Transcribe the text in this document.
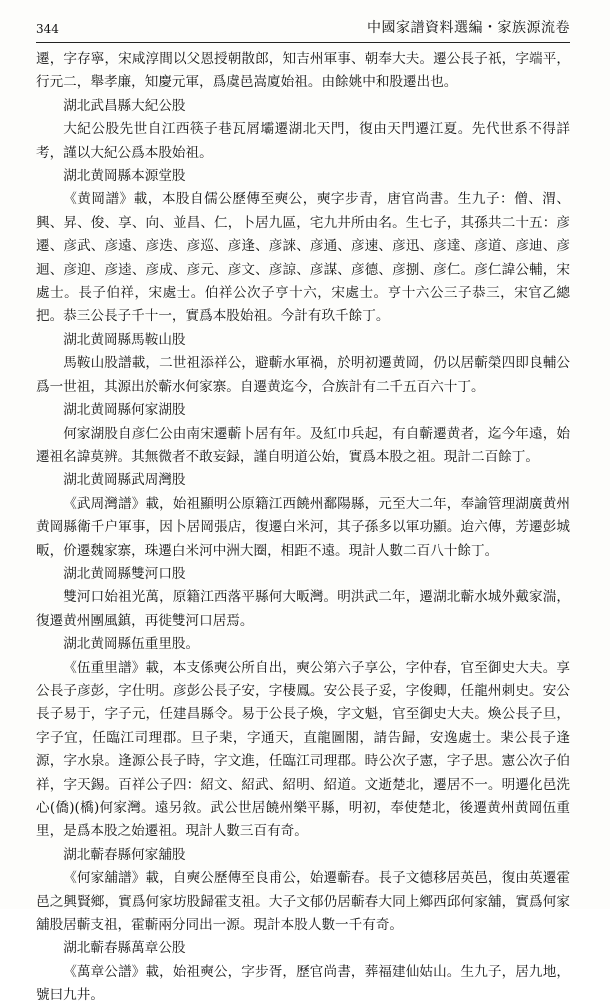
344	中國家譜資料選編・家族源流卷

遷，字存寧，宋咸淳間以父恩授朝散郎，知吉州軍事、朝奉大夫。遷公長子祇，字端平，行元二，舉孝廉，知慶元軍，爲虞邑嵩廈始祖。由餘姚中和股遷出也。

湖北武昌縣大紀公股

大紀公股先世自江西筷子巷瓦屑壩遷湖北天門，復由天門遷江夏。先代世系不得詳考，謹以大紀公爲本股始祖。

湖北黄岡縣本源堂股

《黄岡譜》載，本股自儒公歷傳至奭公，奭字步青，唐官尚書。生九子：僧、渭、興、昇、俊、享、向、並昌、仁，卜居九區，宅九井所由名。生七子，其孫共二十五：彦遷、彦武、彦遠、彦迭、彦巡、彦逢、彦誺、彦通、彦速、彦迅、彦達、彦道、彦迪、彦迴、彦迎、彦逵、彦成、彦元、彦文、彦諒、彦謀、彦德、彦捌、彦仁。彦仁諱公輔，宋處士。長子伯祥，宋處士。伯祥公次子亨十六，宋處士。亨十六公三子恭三，宋官乙總把。恭三公長子千十一，實爲本股始祖。今計有玖千餘丁。

湖北黄岡縣馬鞍山股

馬鞍山股譜載，二世祖添祥公，避蘄水軍禍，於明初遷黄岡，仍以居蘄榮四即良輔公爲一世祖，其源出於蘄水何家寨。自遷黄迄今，合族計有二千五百六十丁。

湖北黄岡縣何家湖股

何家湖股自彦仁公由南宋遷蘄卜居有年。及紅巾兵起，有自蘄遷黄者，迄今年遠，始遷祖名諱莫辨。其無微者不敢妄録，謹自明道公始，實爲本股之祖。現計二百餘丁。

湖北黄岡縣武周灣股

《武周灣譜》載，始祖顯明公原籍江西饒州鄱陽縣，元至大二年，奉諭管理湖廣黄州黄岡縣衛千户軍事，因卜居岡張店，復遷白米河，其子孫多以軍功顯。迨六傳，芳遷彭城畈，价遷魏家寨，珠遷白米河中洲大圈，相距不遠。現計人數二百八十餘丁。

湖北黄岡縣雙河口股

雙河口始祖光萬，原籍江西落平縣何大畈灣。明洪武二年，遷湖北蘄水城外戴家湍，復遷黄州團風鎮，再徙雙河口居焉。

湖北黄岡縣伍重里股。

《伍重里譜》載，本支係奭公所自出，奭公第六子享公，字仲春，官至御史大夫。享公長子彦彭，字仕明。彦彭公長子安，字棲鳳。安公長子妥，字俊卿，任龍州刺史。安公長子易于，字子元，任建昌縣令。易于公長子煥，字文魁，官至御史大夫。煥公長子旦，字子宜，任臨江司理郡。旦子棐，字通天，直龍圖閣，請告歸，安逸處士。棐公長子逢源，字水泉。逢源公長子時，字文進，任臨江司理郡。時公次子憲，字子思。憲公次子伯祥，字天錫。百祥公子四：紹文、紹武、紹明、紹道。文逝楚北，遷居不一。明遷化邑洗心(僑)(橋)何家灣。遠另敘。武公世居饒州樂平縣，明初，奉使楚北，後遷黄州黄岡伍重里，是爲本股之始遷祖。現計人數三百有奇。

湖北蘄春縣何家舖股

《何家舖譜》載，自奭公歷傳至良甫公，始遷蘄春。長子文德移居英邑，復由英遷霍邑之興賢鄉，實爲何家坊股歸霍支祖。大子文郁仍居蘄春大同上鄉西邱何家舖，實爲何家舖股居蘄支祖，霍蘄兩分同出一源。現計本股人數一千有奇。

湖北蘄春縣萬章公股

《萬章公譜》載，始祖奭公，字步胥，歷官尚書，葬福建仙姑山。生九子，居九地，號曰九井。
